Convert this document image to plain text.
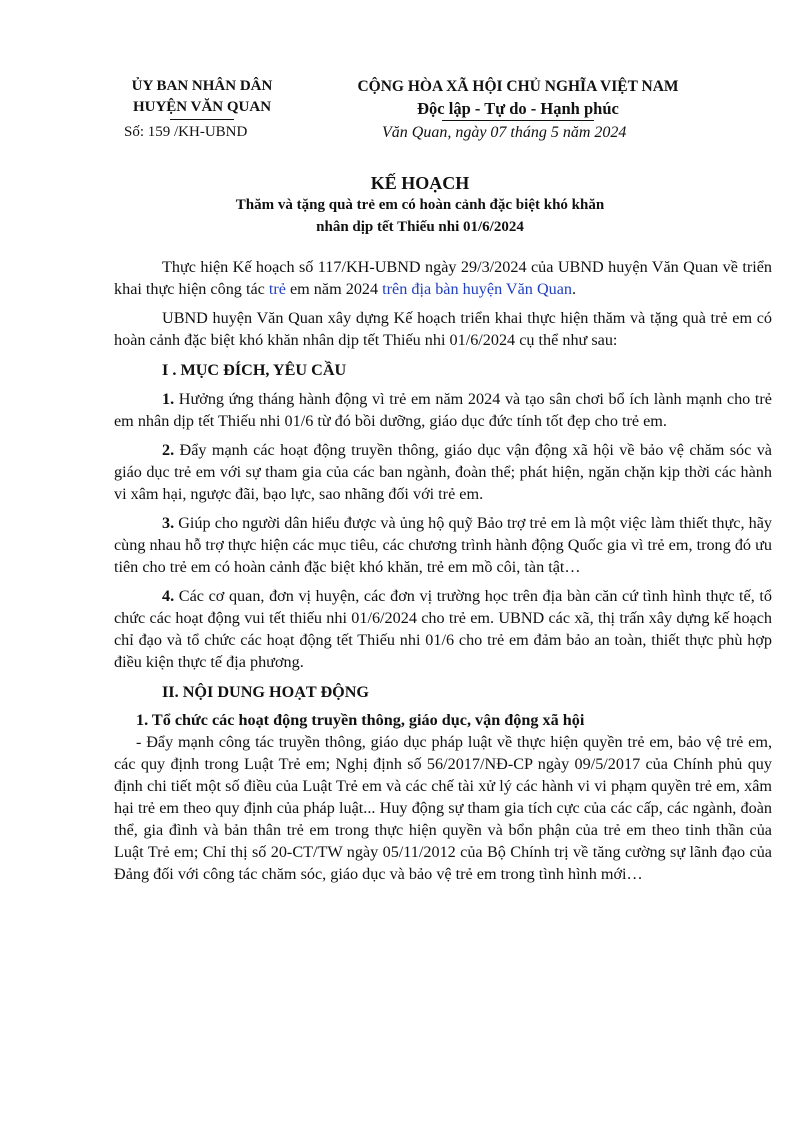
ỦY BAN NHÂN DÂN
HUYỆN VĂN QUAN
Số: 159 /KH-UBND
CỘNG HÒA XÃ HỘI CHỦ NGHĨA VIỆT NAM
Độc lập - Tự do - Hạnh phúc
Văn Quan, ngày 07 tháng 5 năm 2024
KẾ HOẠCH
Thăm và tặng quà trẻ em có hoàn cảnh đặc biệt khó khăn
nhân dịp tết Thiếu nhi 01/6/2024

Thực hiện Kế hoạch số 117/KH-UBND ngày 29/3/2024 của UBND huyện Văn Quan về triển khai thực hiện công tác trẻ em năm 2024 trên địa bàn huyện Văn Quan.

UBND huyện Văn Quan xây dựng Kế hoạch triển khai thực hiện thăm và tặng quà trẻ em có hoàn cảnh đặc biệt khó khăn nhân dịp tết Thiếu nhi 01/6/2024 cụ thể như sau:

I . MỤC ĐÍCH, YÊU CẦU

1. Hưởng ứng tháng hành động vì trẻ em năm 2024 và tạo sân chơi bổ ích lành mạnh cho trẻ em nhân dịp tết Thiếu nhi 01/6 từ đó bồi dưỡng, giáo dục đức tính tốt đẹp cho trẻ em.

2. Đẩy mạnh các hoạt động truyền thông, giáo dục vận động xã hội về bảo vệ chăm sóc và giáo dục trẻ em với sự tham gia của các ban ngành, đoàn thể; phát hiện, ngăn chặn kịp thời các hành vi xâm hại, ngược đãi, bạo lực, sao nhãng đối với trẻ em.

3. Giúp cho người dân hiểu được và ủng hộ quỹ Bảo trợ trẻ em là một việc làm thiết thực, hãy cùng nhau hỗ trợ thực hiện các mục tiêu, các chương trình hành động Quốc gia vì trẻ em, trong đó ưu tiên cho trẻ em có hoàn cảnh đặc biệt khó khăn, trẻ em mồ côi, tàn tật…

4. Các cơ quan, đơn vị huyện, các đơn vị trường học trên địa bàn căn cứ tình hình thực tế, tổ chức các hoạt động vui tết thiếu nhi 01/6/2024 cho trẻ em. UBND các xã, thị trấn xây dựng kế hoạch chỉ đạo và tổ chức các hoạt động tết Thiếu nhi 01/6 cho trẻ em đảm bảo an toàn, thiết thực phù hợp điều kiện thực tế địa phương.

II. NỘI DUNG HOẠT ĐỘNG

1. Tổ chức các hoạt động truyền thông, giáo dục, vận động xã hội

- Đẩy mạnh công tác truyền thông, giáo dục pháp luật về thực hiện quyền trẻ em, bảo vệ trẻ em, các quy định trong Luật Trẻ em; Nghị định số 56/2017/NĐ-CP ngày 09/5/2017 của Chính phủ quy định chi tiết một số điều của Luật Trẻ em và các chế tài xử lý các hành vi vi phạm quyền trẻ em, xâm hại trẻ em theo quy định của pháp luật... Huy động sự tham gia tích cực của các cấp, các ngành, đoàn thể, gia đình và bản thân trẻ em trong thực hiện quyền và bổn phận của trẻ em theo tinh thần của Luật Trẻ em; Chỉ thị số 20-CT/TW ngày 05/11/2012 của Bộ Chính trị về tăng cường sự lãnh đạo của Đảng đối với công tác chăm sóc, giáo dục và bảo vệ trẻ em trong tình hình mới…
